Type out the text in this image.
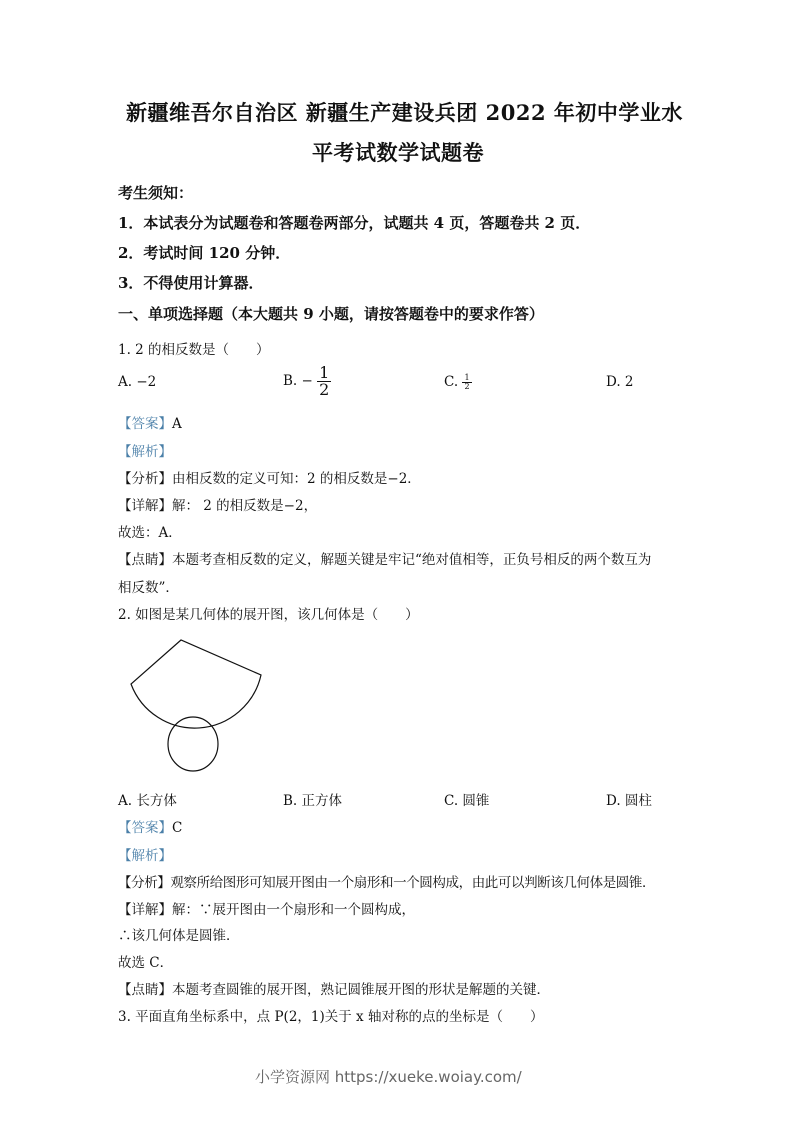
新疆维吾尔自治区 新疆生产建设兵团 2022 年初中学业水
平考试数学试题卷
考生须知：
1．本试表分为试题卷和答题卷两部分，试题共 4 页，答题卷共 2 页．
2．考试时间 120 分钟．
3．不得使用计算器．
一、单项选择题（本大题共 9 小题，请按答题卷中的要求作答）
1. 2 的相反数是（　　）
A. −2	B. − $\frac{1}{2}$	C. $\frac{1}{2}$	D. 2
【答案】A
【解析】
【分析】由相反数的定义可知：2 的相反数是−2．
【详解】解： 2 的相反数是−2，
故选：A．
【点睛】本题考查相反数的定义，解题关键是牢记“绝对值相等，正负号相反的两个数互为
相反数”．
2. 如图是某几何体的展开图，该几何体是（　　）
A. 长方体	B. 正方体	C. 圆锥	D. 圆柱
【答案】C
【解析】
【分析】观察所给图形可知展开图由一个扇形和一个圆构成，由此可以判断该几何体是圆锥．
【详解】解：∵展开图由一个扇形和一个圆构成，
∴该几何体是圆锥．
故选 C．
【点睛】本题考查圆锥的展开图，熟记圆锥展开图的形状是解题的关键．
3. 平面直角坐标系中，点 P(2，1)关于 x 轴对称的点的坐标是（　　）
小学资源网 https://xueke.woiay.com/
